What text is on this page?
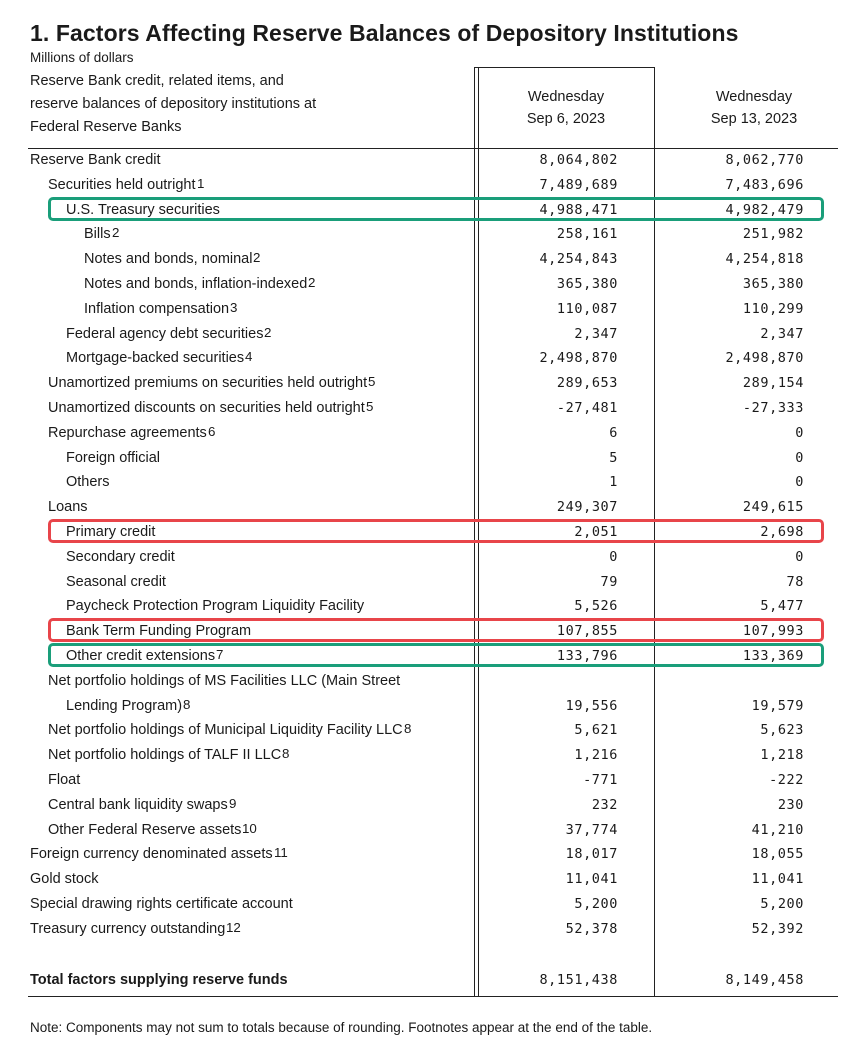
1. Factors Affecting Reserve Balances of Depository Institutions
Millions of dollars
Reserve Bank credit, related items, and
reserve balances of depository institutions at
Federal Reserve Banks
Wednesday
Sep 6, 2023
Wednesday
Sep 13, 2023
Reserve Bank credit	8,064,802	8,062,770
Securities held outright 1	7,489,689	7,483,696
U.S. Treasury securities	4,988,471	4,982,479
Bills 2	258,161	251,982
Notes and bonds, nominal 2	4,254,843	4,254,818
Notes and bonds, inflation-indexed 2	365,380	365,380
Inflation compensation 3	110,087	110,299
Federal agency debt securities 2	2,347	2,347
Mortgage-backed securities 4	2,498,870	2,498,870
Unamortized premiums on securities held outright 5	289,653	289,154
Unamortized discounts on securities held outright 5	-27,481	-27,333
Repurchase agreements 6	6	0
Foreign official	5	0
Others	1	0
Loans	249,307	249,615
Primary credit	2,051	2,698
Secondary credit	0	0
Seasonal credit	79	78
Paycheck Protection Program Liquidity Facility	5,526	5,477
Bank Term Funding Program	107,855	107,993
Other credit extensions 7	133,796	133,369
Net portfolio holdings of MS Facilities LLC (Main Street
Lending Program) 8	19,556	19,579
Net portfolio holdings of Municipal Liquidity Facility LLC 8	5,621	5,623
Net portfolio holdings of TALF II LLC 8	1,216	1,218
Float	-771	-222
Central bank liquidity swaps 9	232	230
Other Federal Reserve assets 10	37,774	41,210
Foreign currency denominated assets 11	18,017	18,055
Gold stock	11,041	11,041
Special drawing rights certificate account	5,200	5,200
Treasury currency outstanding 12	52,378	52,392
Total factors supplying reserve funds	8,151,438	8,149,458
Note: Components may not sum to totals because of rounding. Footnotes appear at the end of the table.
